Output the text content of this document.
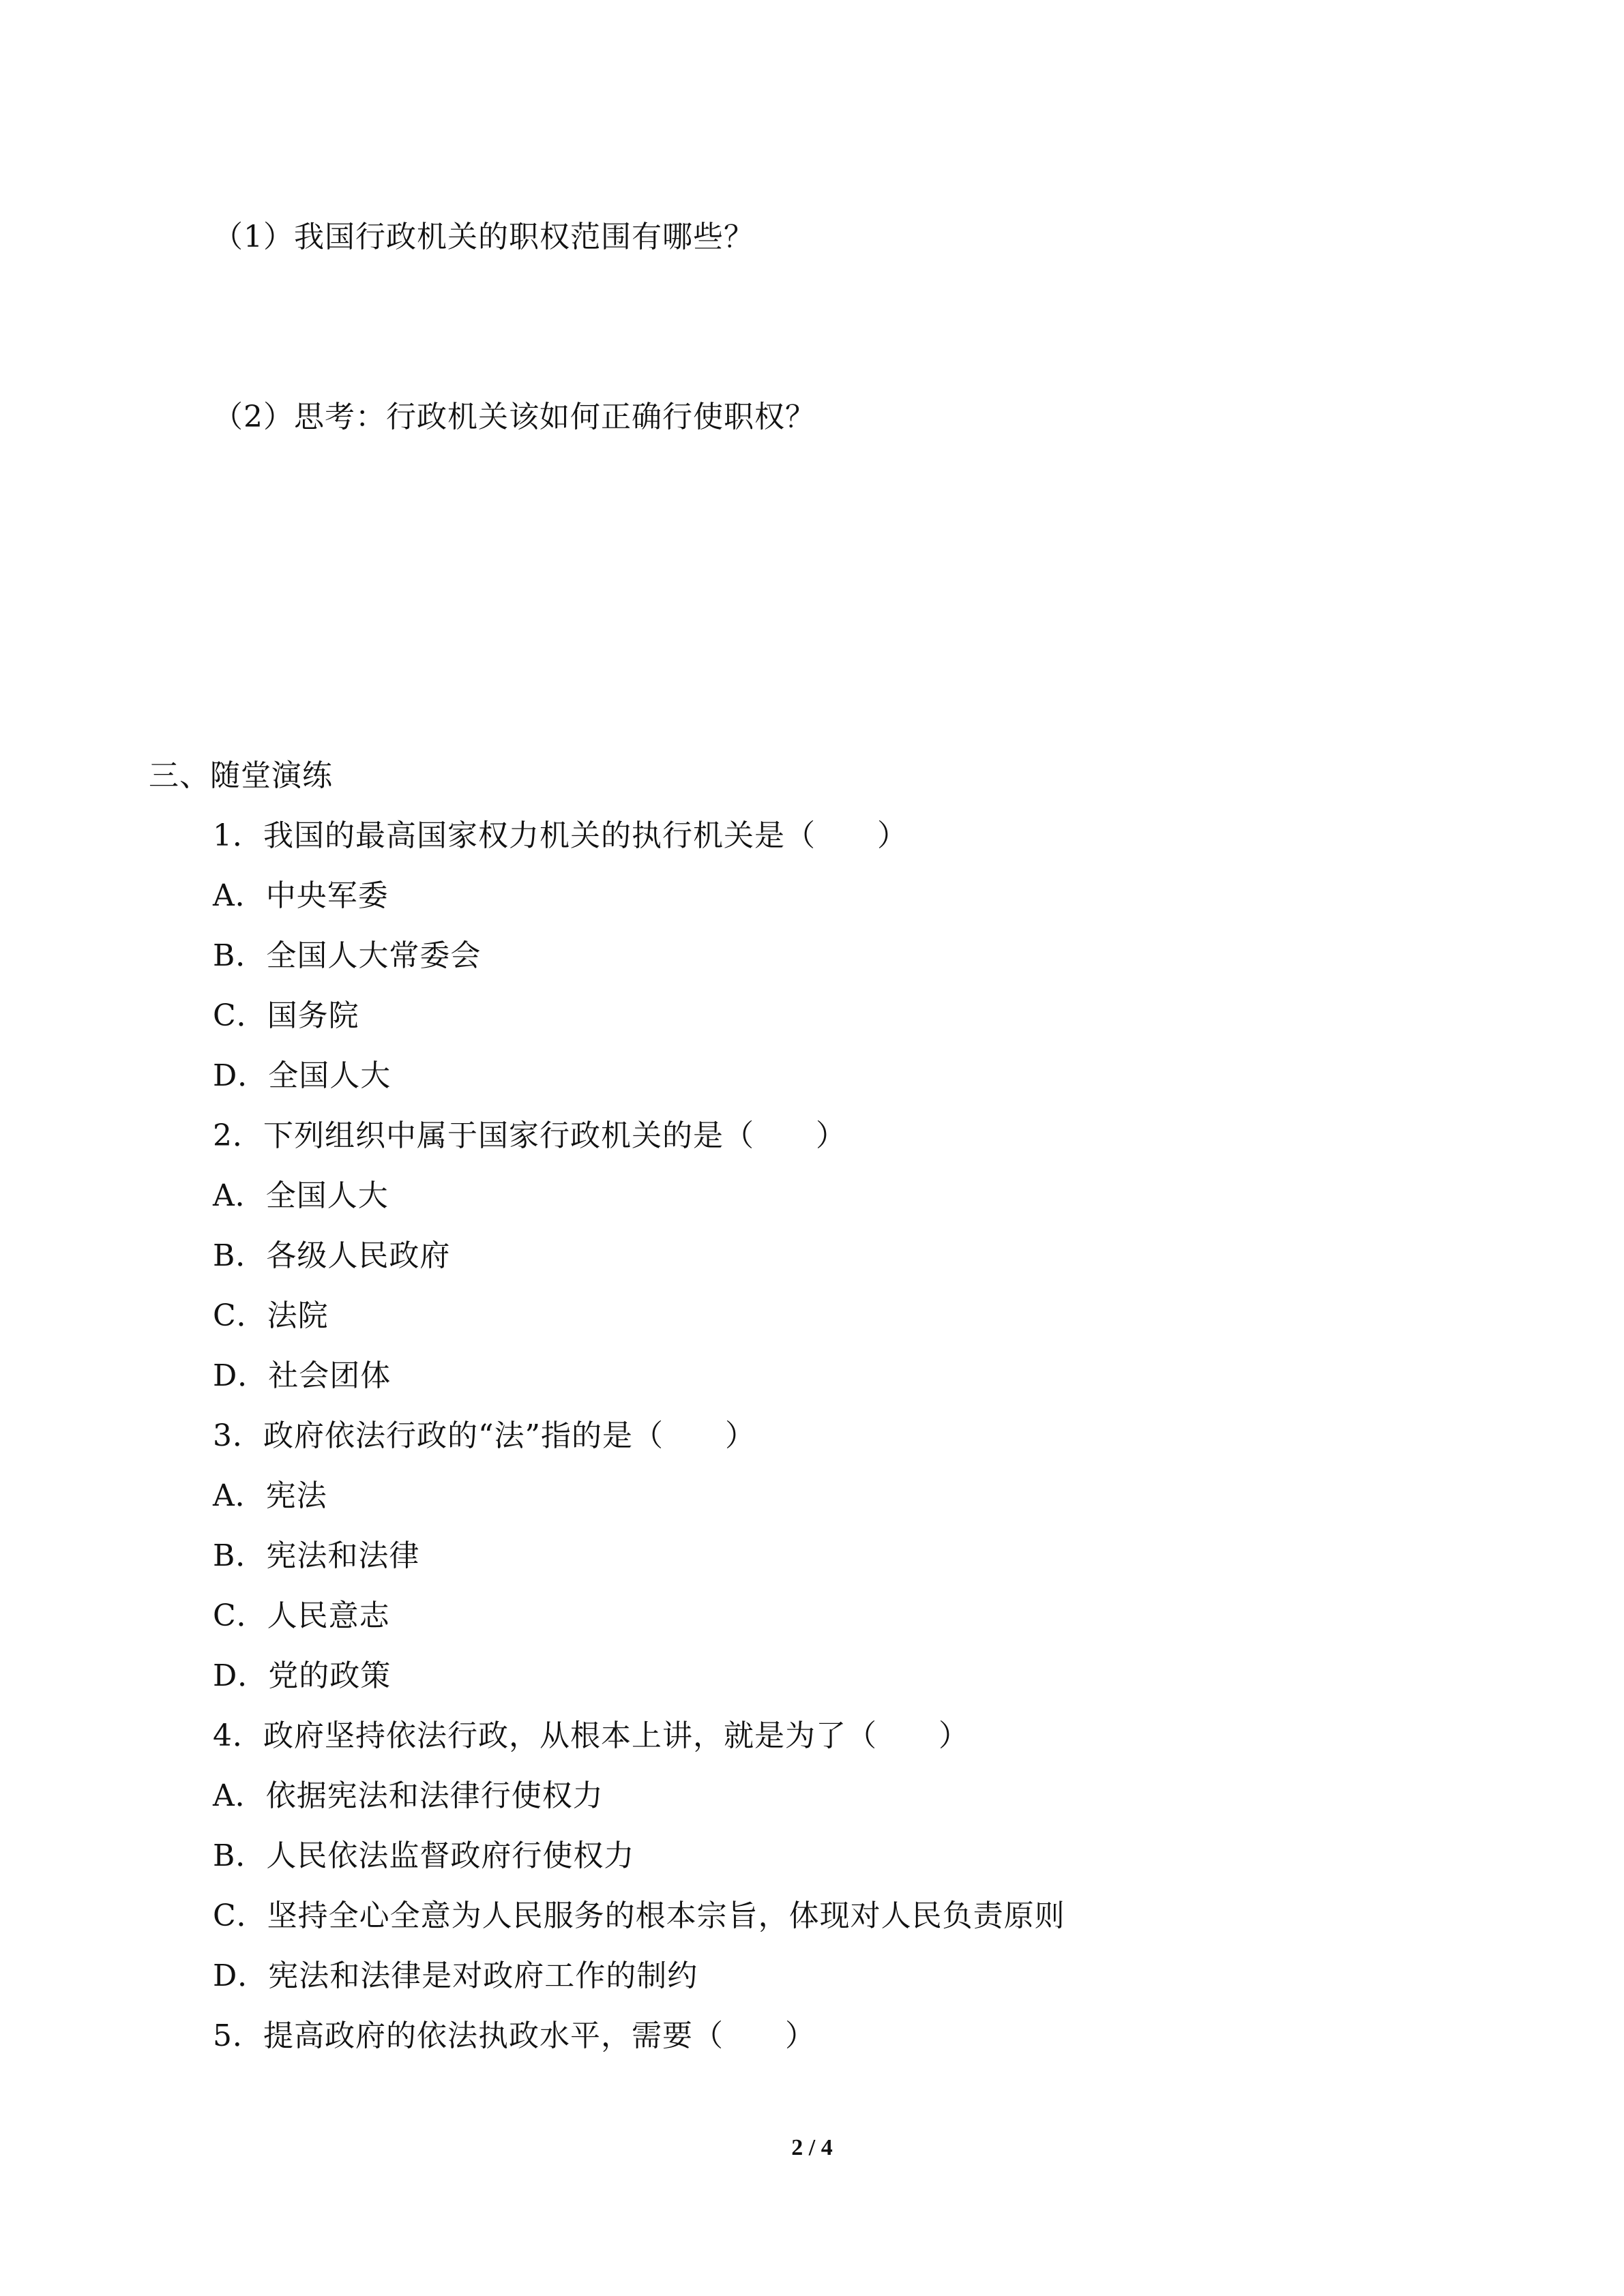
（1）我国行政机关的职权范围有哪些？
（2）思考：行政机关该如何正确行使职权？
三、随堂演练
1．我国的最高国家权力机关的执行机关是（　　）
A．中央军委
B．全国人大常委会
C．国务院
D．全国人大
2．下列组织中属于国家行政机关的是（　　）
A．全国人大
B．各级人民政府
C．法院
D．社会团体
3．政府依法行政的“法”指的是（　　）
A．宪法
B．宪法和法律
C．人民意志
D．党的政策
4．政府坚持依法行政，从根本上讲，就是为了（　　）
A．依据宪法和法律行使权力
B．人民依法监督政府行使权力
C．坚持全心全意为人民服务的根本宗旨，体现对人民负责原则
D．宪法和法律是对政府工作的制约
5．提高政府的依法执政水平，需要（　　）
2 / 4
